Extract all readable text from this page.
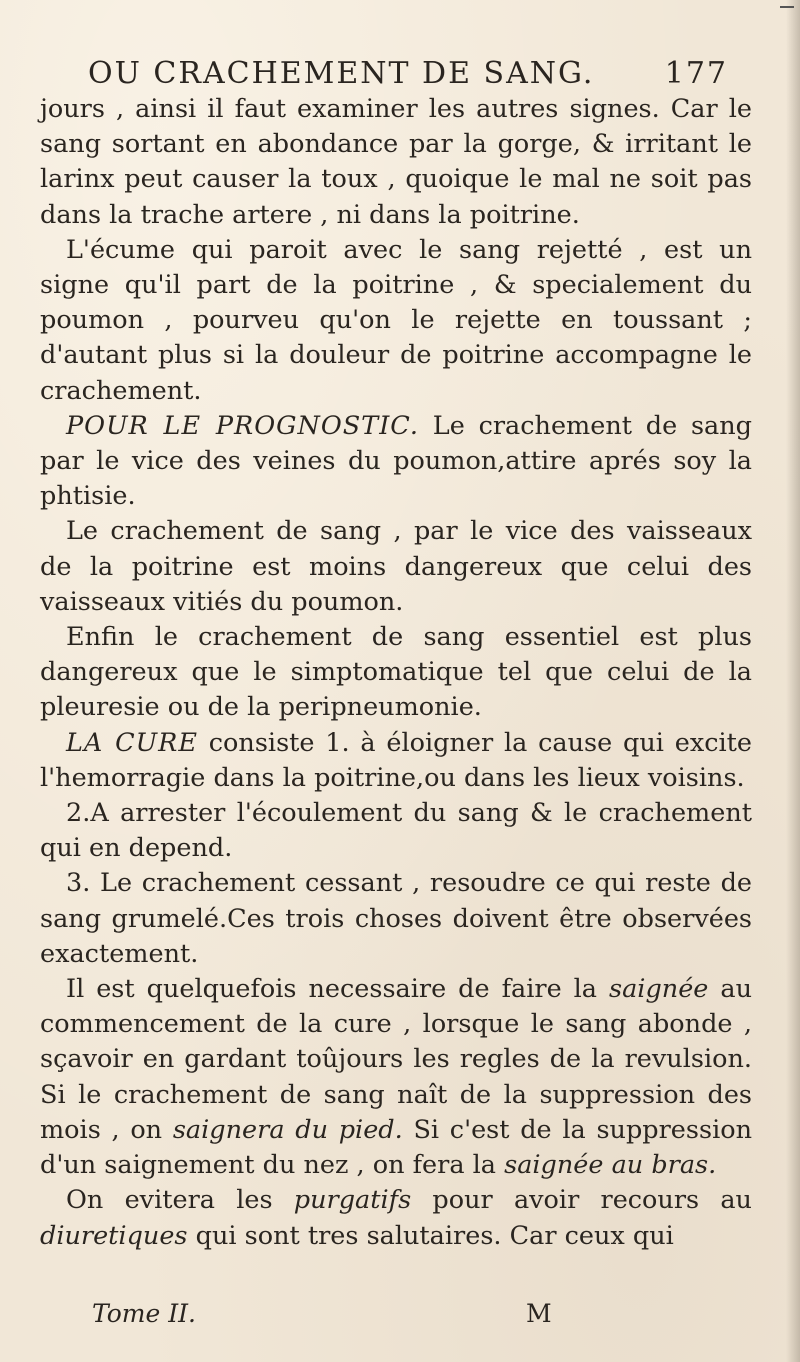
OU CRACHEMENT DE SANG. 177

jours , ainsi il faut examiner les autres signes. Car le sang sortant en abondance par la gorge, & irritant le larinx peut causer la toux , quoique le mal ne soit pas dans la trache artere , ni dans la poitrine.

L'écume qui paroit avec le sang rejetté , est un signe qu'il part de la poitrine , & specialement du poumon , pourveu qu'on le rejette en toussant ; d'autant plus si la douleur de poitrine accompagne le crachement.

POUR LE PROGNOSTIC. Le crachement de sang par le vice des veines du poumon,attire aprés soy la phtisie.

Le crachement de sang , par le vice des vaisseaux de la poitrine est moins dangereux que celui des vaisseaux vitiés du poumon.

Enfin le crachement de sang essentiel est plus dangereux que le simptomatique tel que celui de la pleuresie ou de la peripneumonie.

LA CURE consiste 1. à éloigner la cause qui excite l'hemorragie dans la poitrine,ou dans les lieux voisins.

2.A arrester l'écoulement du sang & le crachement qui en depend.

3. Le crachement cessant , resoudre ce qui reste de sang grumelé.Ces trois choses doivent être observées exactement.

Il est quelquefois necessaire de faire la saignée au commencement de la cure , lorsque le sang abonde , sçavoir en gardant toûjours les regles de la revulsion. Si le crachement de sang naît de la suppression des mois , on saignera du pied. Si c'est de la suppression d'un saignement du nez , on fera la saignée au bras.

On evitera les purgatifs pour avoir recours au diuretiques qui sont tres salutaires. Car ceux qui

Tome II.	M
